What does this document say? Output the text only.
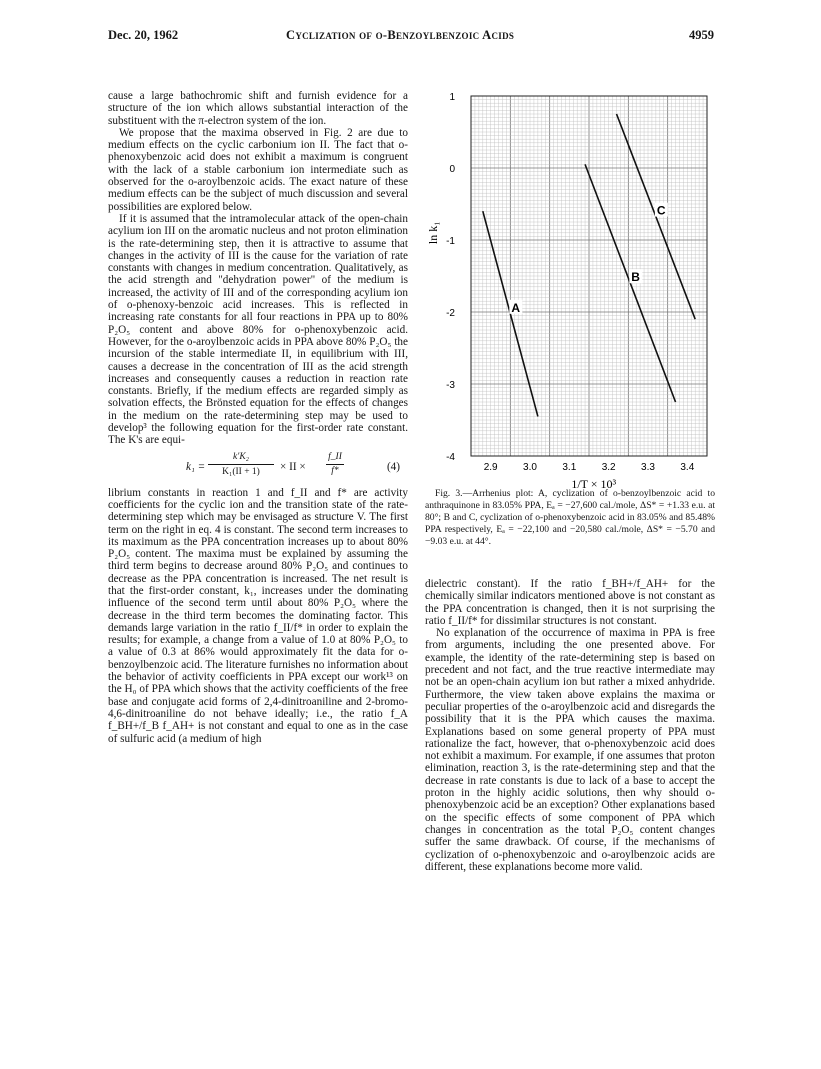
Dec. 20, 1962	Cyclization of o-Benzoylbenzoic Acids	4959

cause a large bathochromic shift and furnish evidence for a structure of the ion which allows substantial interaction of the substituent with the π-electron system of the ion.

We propose that the maxima observed in Fig. 2 are due to medium effects on the cyclic carbonium ion II. The fact that o-phenoxybenzoic acid does not exhibit a maximum is congruent with the lack of a stable carbonium ion intermediate such as observed for the o-aroylbenzoic acids. The exact nature of these medium effects can be the subject of much discussion and several possibilities are explored below.

If it is assumed that the intramolecular attack of the open-chain acylium ion III on the aromatic nucleus and not proton elimination is the rate-determining step, then it is attractive to assume that changes in the activity of III is the cause for the variation of rate constants with changes in medium concentration. Qualitatively, as the acid strength and "dehydration power" of the medium is increased, the activity of III and of the corresponding acylium ion of o-phenoxy-benzoic acid increases. This is reflected in increasing rate constants for all four reactions in PPA up to 80% P₂O₅ content and above 80% for o-phenoxybenzoic acid. However, for the o-aroylbenzoic acids in PPA above 80% P₂O₅ the incursion of the stable intermediate II, in equilibrium with III, causes a decrease in the concentration of III as the acid strength increases and consequently causes a reduction in reaction rate constants. Briefly, if the medium effects are regarded simply as solvation effects, the Brönsted equation for the effects of changes in the medium on the rate-determining step may be used to develop³ the following equation for the first-order rate constant. The K's are equi-

$k_1 = \frac{\text{k′K₂}}{\text{K₁(II + 1)}}$ × II × $\frac{f\_II}{f*}$	(4)

librium constants in reaction 1 and f_II and f* are activity coefficients for the cyclic ion and the transition state of the rate-determining step which may be envisaged as structure V. The first term on the right in eq. 4 is constant. The second term increases to its maximum as the PPA concentration increases up to about 80% P₂O₅ content. The maxima must be explained by assuming the third term begins to decrease around 80% P₂O₅ and continues to decrease as the PPA concentration is increased. The net result is that the first-order constant, k₁, increases under the dominating influence of the second term until about 80% P₂O₅ where the decrease in the third term becomes the dominating factor. This demands large variation in the ratio f_II/f* in order to explain the results; for example, a change from a value of 1.0 at 80% P₂O₅ to a value of 0.3 at 86% would approximately fit the data for o-benzoylbenzoic acid. The literature furnishes no information about the behavior of activity coefficients in PPA except our work¹³ on the H₀ of PPA which shows that the activity coefficients of the free base and conjugate acid forms of 2,4-dinitroaniline and 2-bromo-4,6-dinitroaniline do not behave ideally; i.e., the ratio f_A f_BH+/f_B f_AH+ is not constant and equal to one as in the case of sulfuric acid (a medium of high

1
0
-1
-2
-3
-4
2.9	3.0	3.1	3.2	3.3	3.4
A
B
C
ln k₁
1/T × 10³

Fig. 3.—Arrhenius plot: A, cyclization of o-benzoylbenzoic acid to anthraquinone in 83.05% PPA, Eₐ = −27,600 cal./mole, ΔS* = +1.33 e.u. at 80°; B and C, cyclization of o-phenoxybenzoic acid in 83.05% and 85.48% PPA respectively, Eₐ = −22,100 and −20,580 cal./mole, ΔS* = −5.70 and −9.03 e.u. at 44°.

dielectric constant). If the ratio f_BH+/f_AH+ for the chemically similar indicators mentioned above is not constant as the PPA concentration is changed, then it is not surprising the ratio f_II/f* for dissimilar structures is not constant.

No explanation of the occurrence of maxima in PPA is free from arguments, including the one presented above. For example, the identity of the rate-determining step is based on precedent and not fact, and the true reactive intermediate may not be an open-chain acylium ion but rather a mixed anhydride. Furthermore, the view taken above explains the maxima or peculiar properties of the o-aroylbenzoic acid and disregards the possibility that it is the PPA which causes the maxima. Explanations based on some general property of PPA must rationalize the fact, however, that o-phenoxybenzoic acid does not exhibit a maximum. For example, if one assumes that proton elimination, reaction 3, is the rate-determining step and that the decrease in rate constants is due to lack of a base to accept the proton in the highly acidic solutions, then why should o-phenoxybenzoic acid be an exception? Other explanations based on the specific effects of some component of PPA which changes in concentration as the total P₂O₅ content changes suffer the same drawback. Of course, if the mechanisms of cyclization of o-phenoxybenzoic and o-aroylbenzoic acids are different, these explanations become more valid.
